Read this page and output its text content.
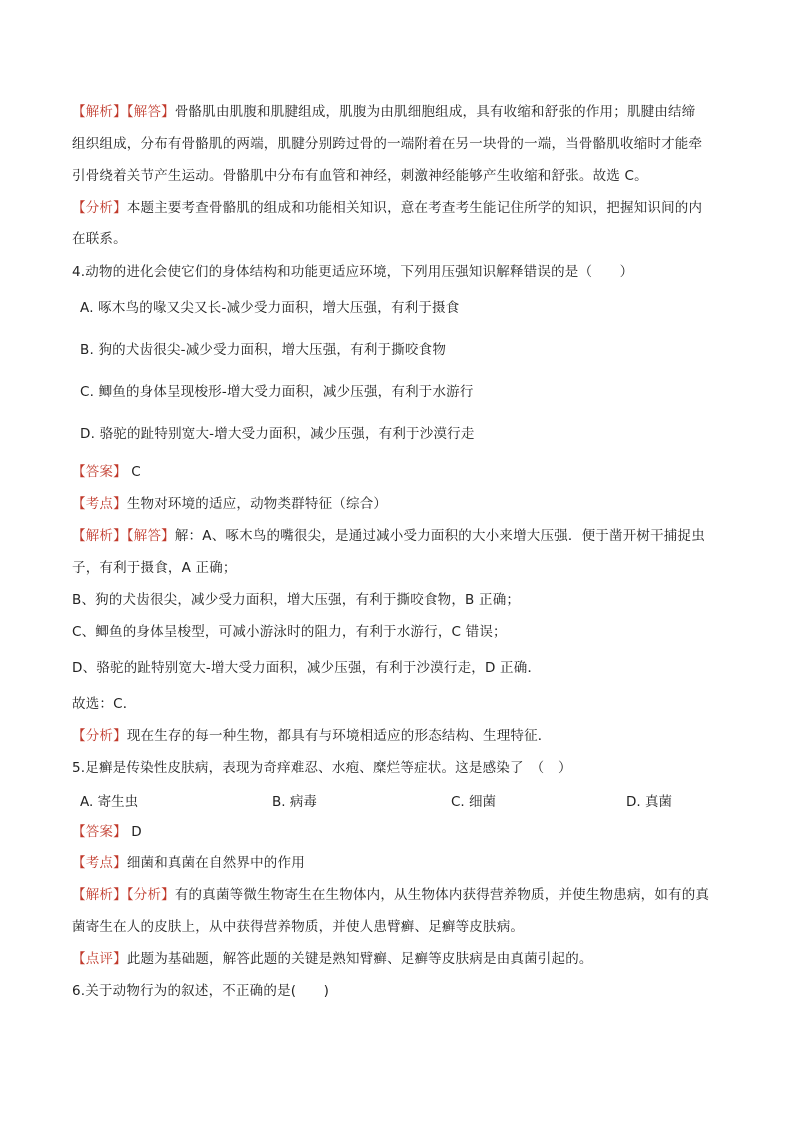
【解析】【解答】骨骼肌由肌腹和肌腱组成，肌腹为由肌细胞组成，具有收缩和舒张的作用；肌腱由结缔
组织组成，分布有骨骼肌的两端，肌腱分别跨过骨的一端附着在另一块骨的一端，当骨骼肌收缩时才能牵
引骨绕着关节产生运动。骨骼肌中分布有血管和神经，刺激神经能够产生收缩和舒张。故选 C。
【分析】本题主要考查骨骼肌的组成和功能相关知识，意在考查考生能记住所学的知识，把握知识间的内
在联系。
4.动物的进化会使它们的身体结构和功能更适应环境，下列用压强知识解释错误的是（　　）
A. 啄木鸟的喙又尖又长-减少受力面积，增大压强，有利于摄食
B. 狗的犬齿很尖-减少受力面积，增大压强，有利于撕咬食物
C. 鲫鱼的身体呈现梭形-增大受力面积，减少压强，有利于水游行
D. 骆驼的趾特别宽大-增大受力面积，减少压强，有利于沙漠行走
【答案】 C
【考点】生物对环境的适应，动物类群特征（综合）
【解析】【解答】解：A、啄木鸟的嘴很尖，是通过减小受力面积的大小来增大压强．便于凿开树干捕捉虫
子，有利于摄食，A 正确；
B、狗的犬齿很尖，减少受力面积，增大压强，有利于撕咬食物，B 正确；
C、鲫鱼的身体呈梭型，可减小游泳时的阻力，有利于水游行，C 错误；
D、骆驼的趾特别宽大-增大受力面积，减少压强，有利于沙漠行走，D 正确．
故选：C．
【分析】现在生存的每一种生物，都具有与环境相适应的形态结构、生理特征．
5.足癣是传染性皮肤病，表现为奇痒难忍、水疱、糜烂等症状。这是感染了　（　）
A. 寄生虫	B. 病毒	C. 细菌	D. 真菌
【答案】 D
【考点】细菌和真菌在自然界中的作用
【解析】【分析】有的真菌等微生物寄生在生物体内，从生物体内获得营养物质，并使生物患病，如有的真
菌寄生在人的皮肤上，从中获得营养物质，并使人患臂癣、足癣等皮肤病。
【点评】此题为基础题，解答此题的关键是熟知臂癣、足癣等皮肤病是由真菌引起的。
6.关于动物行为的叙述，不正确的是(　　)
